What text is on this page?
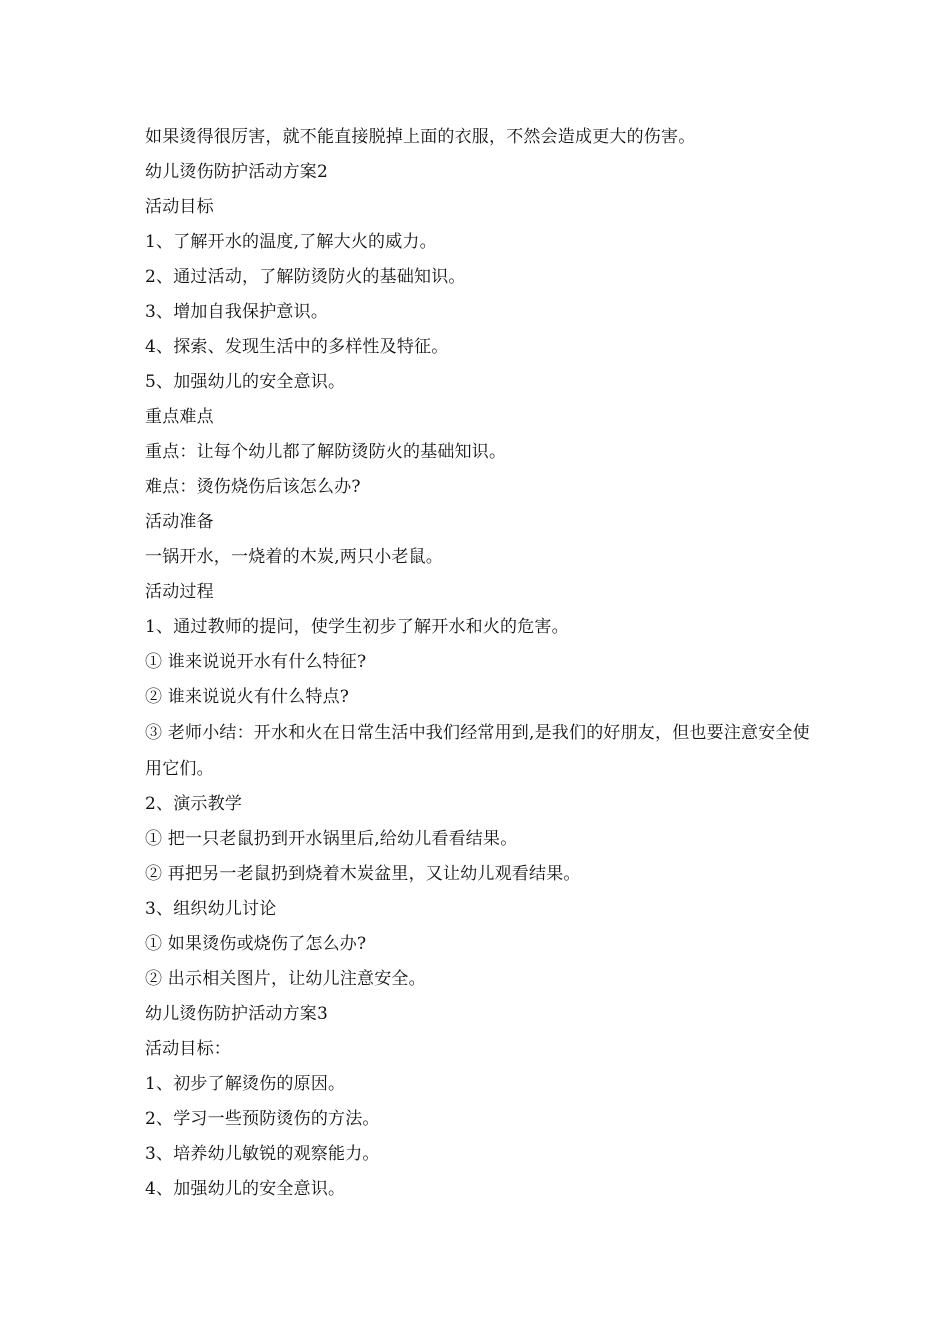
如果烫得很厉害，就不能直接脱掉上面的衣服，不然会造成更大的伤害。
幼儿烫伤防护活动方案2
活动目标
1、了解开水的温度,了解大火的威力。
2、通过活动，了解防烫防火的基础知识。
3、增加自我保护意识。
4、探索、发现生活中的多样性及特征。
5、加强幼儿的安全意识。
重点难点
重点：让每个幼儿都了解防烫防火的基础知识。
难点：烫伤烧伤后该怎么办?
活动准备
一锅开水，一烧着的木炭,两只小老鼠。
活动过程
1、通过教师的提问，使学生初步了解开水和火的危害。
① 谁来说说开水有什么特征?
② 谁来说说火有什么特点?
③ 老师小结：开水和火在日常生活中我们经常用到,是我们的好朋友，但也要注意安全使用它们。
2、演示教学
① 把一只老鼠扔到开水锅里后,给幼儿看看结果。
② 再把另一老鼠扔到烧着木炭盆里，又让幼儿观看结果。
3、组织幼儿讨论
① 如果烫伤或烧伤了怎么办?
② 出示相关图片，让幼儿注意安全。
幼儿烫伤防护活动方案3
活动目标：
1、初步了解烫伤的原因。
2、学习一些预防烫伤的方法。
3、培养幼儿敏锐的观察能力。
4、加强幼儿的安全意识。
